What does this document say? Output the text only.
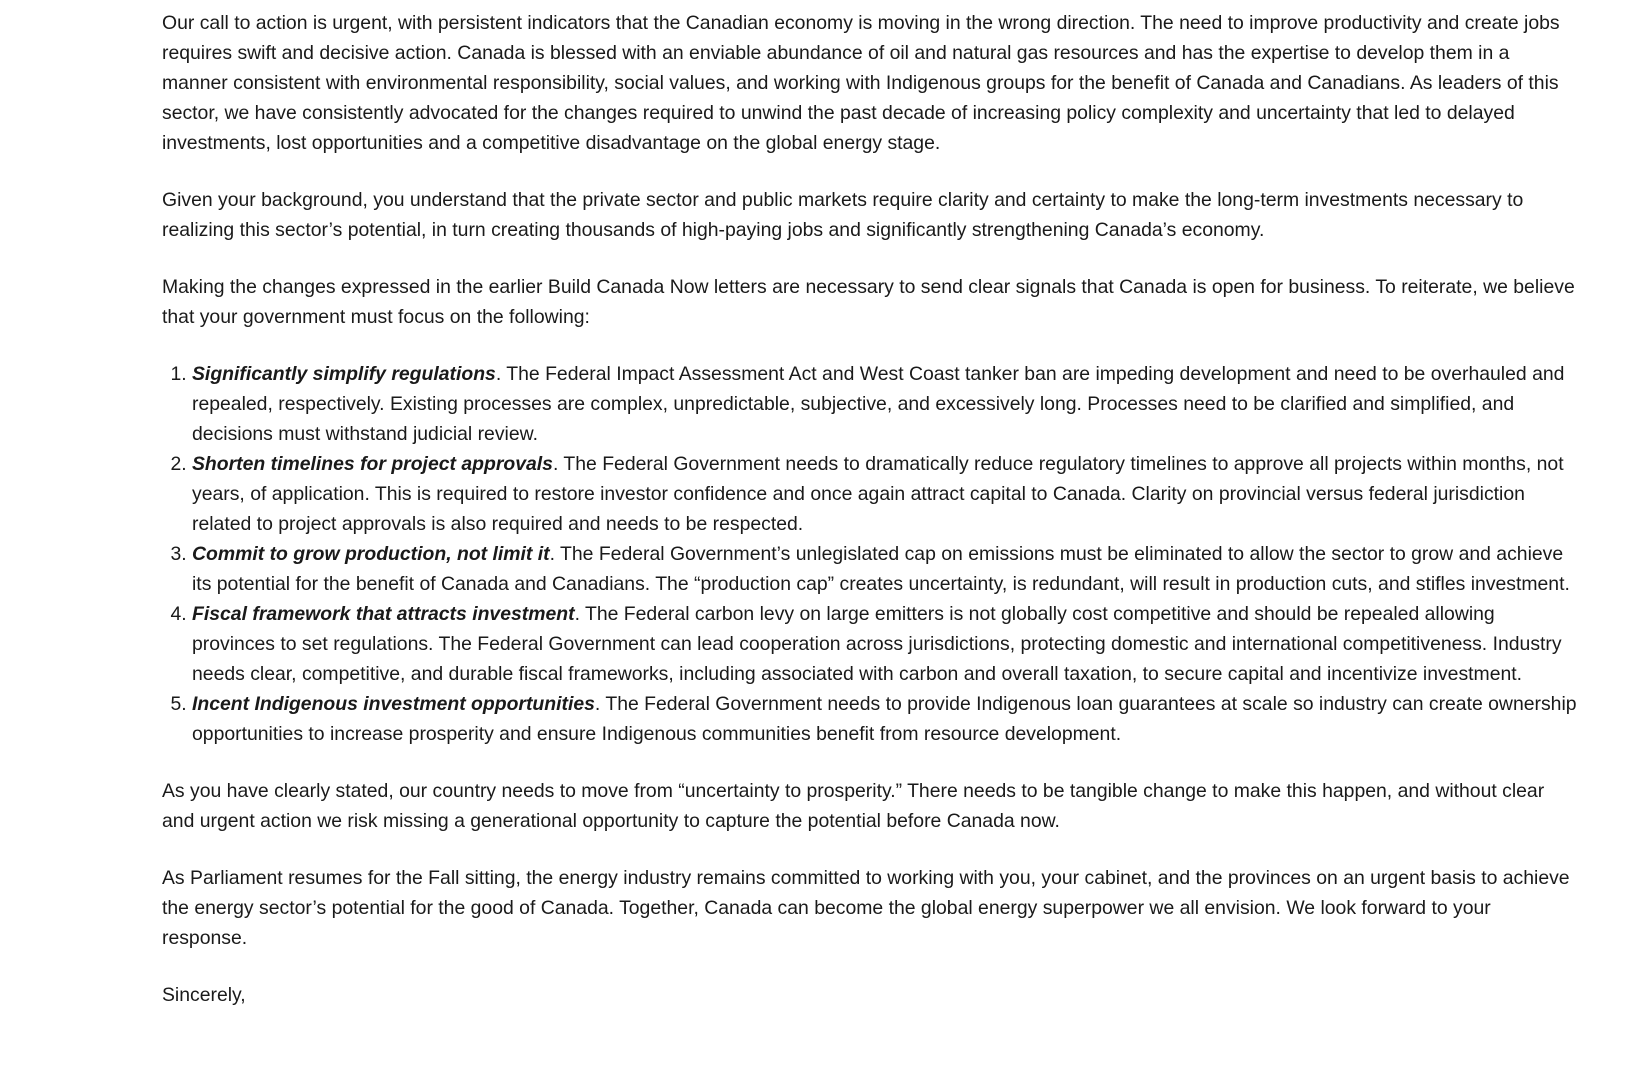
Our call to action is urgent, with persistent indicators that the Canadian economy is moving in the wrong direction. The need to improve productivity and create jobs requires swift and decisive action. Canada is blessed with an enviable abundance of oil and natural gas resources and has the expertise to develop them in a manner consistent with environmental responsibility, social values, and working with Indigenous groups for the benefit of Canada and Canadians. As leaders of this sector, we have consistently advocated for the changes required to unwind the past decade of increasing policy complexity and uncertainty that led to delayed investments, lost opportunities and a competitive disadvantage on the global energy stage.

Given your background, you understand that the private sector and public markets require clarity and certainty to make the long-term investments necessary to realizing this sector’s potential, in turn creating thousands of high-paying jobs and significantly strengthening Canada’s economy.

Making the changes expressed in the earlier Build Canada Now letters are necessary to send clear signals that Canada is open for business. To reiterate, we believe that your government must focus on the following:

1. Significantly simplify regulations. The Federal Impact Assessment Act and West Coast tanker ban are impeding development and need to be overhauled and repealed, respectively. Existing processes are complex, unpredictable, subjective, and excessively long. Processes need to be clarified and simplified, and decisions must withstand judicial review.
2. Shorten timelines for project approvals. The Federal Government needs to dramatically reduce regulatory timelines to approve all projects within months, not years, of application. This is required to restore investor confidence and once again attract capital to Canada. Clarity on provincial versus federal jurisdiction related to project approvals is also required and needs to be respected.
3. Commit to grow production, not limit it. The Federal Government’s unlegislated cap on emissions must be eliminated to allow the sector to grow and achieve its potential for the benefit of Canada and Canadians. The “production cap” creates uncertainty, is redundant, will result in production cuts, and stifles investment.
4. Fiscal framework that attracts investment. The Federal carbon levy on large emitters is not globally cost competitive and should be repealed allowing provinces to set regulations. The Federal Government can lead cooperation across jurisdictions, protecting domestic and international competitiveness. Industry needs clear, competitive, and durable fiscal frameworks, including associated with carbon and overall taxation, to secure capital and incentivize investment.
5. Incent Indigenous investment opportunities. The Federal Government needs to provide Indigenous loan guarantees at scale so industry can create ownership opportunities to increase prosperity and ensure Indigenous communities benefit from resource development.

As you have clearly stated, our country needs to move from “uncertainty to prosperity.” There needs to be tangible change to make this happen, and without clear and urgent action we risk missing a generational opportunity to capture the potential before Canada now.

As Parliament resumes for the Fall sitting, the energy industry remains committed to working with you, your cabinet, and the provinces on an urgent basis to achieve the energy sector’s potential for the good of Canada. Together, Canada can become the global energy superpower we all envision. We look forward to your response.

Sincerely,
